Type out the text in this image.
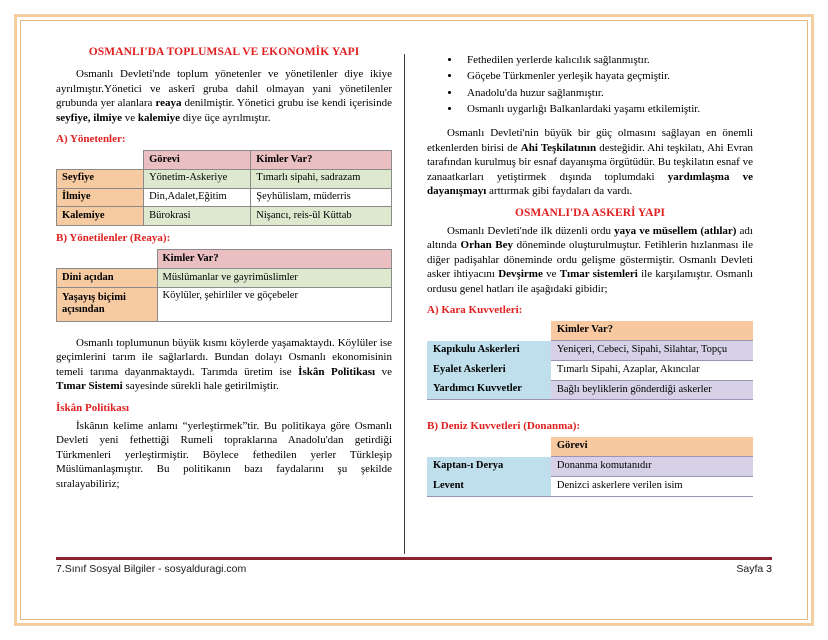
OSMANLI'DA TOPLUMSAL VE EKONOMİK YAPI

Osmanlı Devleti'nde toplum yönetenler ve yönetilenler diye ikiye ayrılmıştır.Yönetici ve askerî gruba dahil olmayan yani yönetilenler grubunda yer alanlara reaya denilmiştir. Yönetici grubu ise kendi içerisinde seyfiye, ilmiye ve kalemiye diye üçe ayrılmıştır.

A) Yönetenler:
	Görevi	Kimler Var?
Seyfiye	Yönetim-Askeriye	Tımarlı sipahi, sadrazam
İlmiye	Din,Adalet,Eğitim	Şeyhülislam, müderris
Kalemiye	Bürokrasi	Nişancı, reis-ül Küttab
B) Yönetilenler (Reaya):
	Kimler Var?
Dini açıdan	Müslümanlar ve gayrimüslimler
Yaşayış biçimi açısından	Köylüler, şehirliler ve göçebeler

Osmanlı toplumunun büyük kısmı köylerde yaşamaktaydı. Köylüler ise geçimlerini tarım ile sağlarlardı. Bundan dolayı Osmanlı ekonomisinin temeli tarıma dayanmaktaydı. Tarımda üretim ise İskân Politikası ve Tımar Sistemi sayesinde sürekli hale getirilmiştir.

İskân Politikası

İskânın kelime anlamı “yerleştirmek”tir. Bu politikaya göre Osmanlı Devleti yeni fethettiği Rumeli topraklarına Anadolu'dan getirdiği Türkmenleri yerleştirmiştir. Böylece fethedilen yerler Türkleşip Müslümanlaşmıştır. Bu politikanın bazı faydalarını şu şekilde sıralayabiliriz;

• Fethedilen yerlerde kalıcılık sağlanmıştır.
• Göçebe Türkmenler yerleşik hayata geçmiştir.
• Anadolu'da huzur sağlanmıştır.
• Osmanlı uygarlığı Balkanlardaki yaşamı etkilemiştir.

Osmanlı Devleti'nin büyük bir güç olmasını sağlayan en önemli etkenlerden birisi de Ahi Teşkilatının desteğidir. Ahi teşkilatı, Ahi Evran tarafından kurulmuş bir esnaf dayanışma örgütüdür. Bu teşkilatın esnaf ve zanaatkarları yetiştirmek dışında toplumdaki yardımlaşma ve dayanışmayı arttırmak gibi faydaları da vardı.

OSMANLI'DA ASKERİ YAPI

Osmanlı Devleti'nde ilk düzenli ordu yaya ve müsellem (atlılar) adı altında Orhan Bey döneminde oluşturulmuştur. Fetihlerin hızlanması ile diğer padişahlar döneminde ordu gelişme göstermiştir. Osmanlı Devleti asker ihtiyacını Devşirme ve Tımar sistemleri ile karşılamıştır. Osmanlı ordusu genel hatları ile aşağıdaki gibidir;

A) Kara Kuvvetleri:
	Kimler Var?
Kapıkulu Askerleri	Yeniçeri, Cebeci, Sipahi, Silahtar, Topçu
Eyalet Askerleri	Tımarlı Sipahi, Azaplar, Akıncılar
Yardımcı Kuvvetler	Bağlı beyliklerin gönderdiği askerler
B) Deniz Kuvvetleri (Donanma):
	Görevi
Kaptan-ı Derya	Donanma komutanıdır
Levent	Denizci askerlere verilen isim
7.Sınıf Sosyal Bilgiler - sosyalduragi.com	Sayfa 3
